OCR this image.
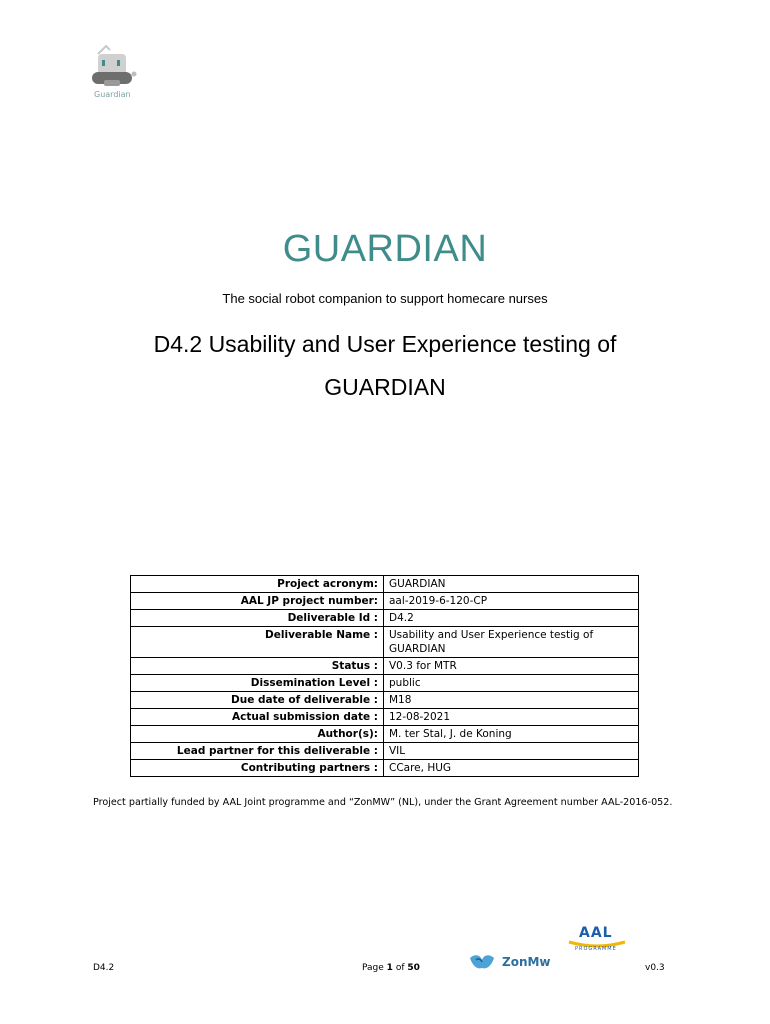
Guardian
GUARDIAN
The social robot companion to support homecare nurses
D4.2 Usability and User Experience testing of
GUARDIAN
Project acronym:	GUARDIAN
AAL JP project number:	aal-2019-6-120-CP
Deliverable Id :	D4.2
Deliverable Name :	Usability and User Experience testig of GUARDIAN
Status :	V0.3 for MTR
Dissemination Level :	public
Due date of deliverable :	M18
Actual submission date :	12-08-2021
Author(s):	M. ter Stal, J. de Koning
Lead partner for this deliverable :	VIL
Contributing partners :	CCare, HUG
Project partially funded by AAL Joint programme and “ZonMW” (NL), under the Grant Agreement number AAL-2016-052.
D4.2	Page 1 of 50	v0.3
ZonMw
AAL
PROGRAMME
